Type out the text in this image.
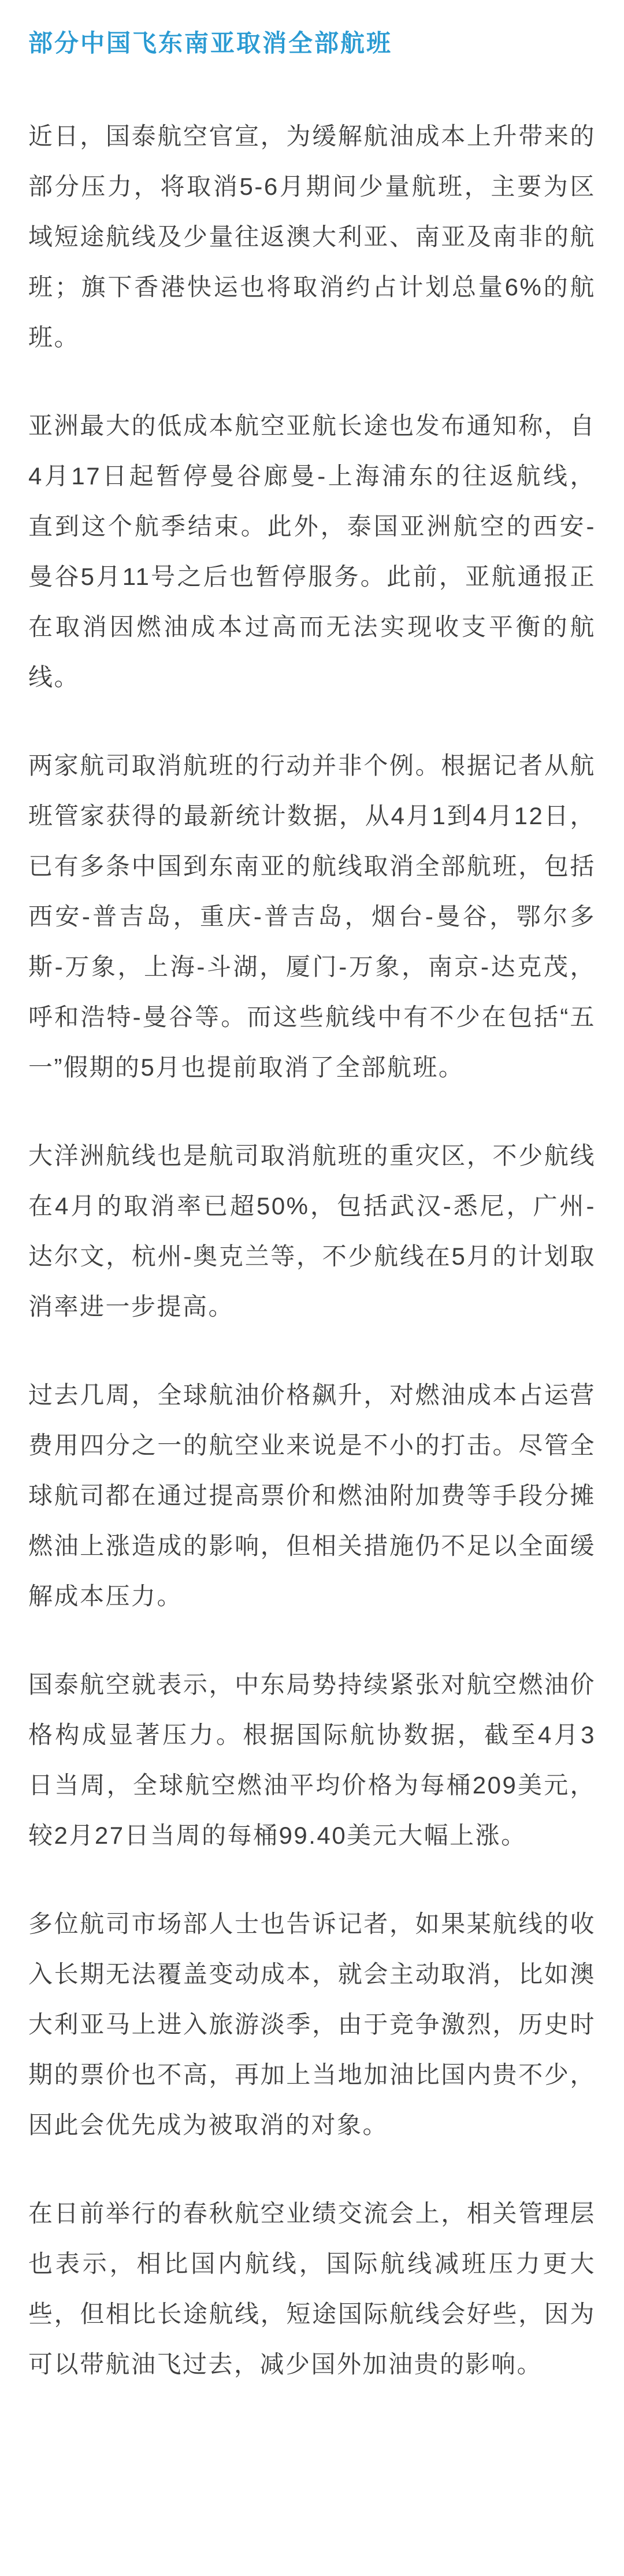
部分中国飞东南亚取消全部航班

近日，国泰航空官宣，为缓解航油成本上升带来的部分压力，将取消5-6月期间少量航班，主要为区域短途航线及少量往返澳大利亚、南亚及南非的航班；旗下香港快运也将取消约占计划总量6%的航班。

亚洲最大的低成本航空亚航长途也发布通知称，自4月17日起暂停曼谷廊曼-上海浦东的往返航线，直到这个航季结束。此外，泰国亚洲航空的西安-曼谷5月11号之后也暂停服务。此前，亚航通报正在取消因燃油成本过高而无法实现收支平衡的航线。

两家航司取消航班的行动并非个例。根据记者从航班管家获得的最新统计数据，从4月1到4月12日，已有多条中国到东南亚的航线取消全部航班，包括西安-普吉岛，重庆-普吉岛，烟台-曼谷，鄂尔多斯-万象，上海-斗湖，厦门-万象，南京-达克茂，呼和浩特-曼谷等。而这些航线中有不少在包括“五一”假期的5月也提前取消了全部航班。

大洋洲航线也是航司取消航班的重灾区，不少航线在4月的取消率已超50%，包括武汉-悉尼，广州-达尔文，杭州-奥克兰等，不少航线在5月的计划取消率进一步提高。

过去几周，全球航油价格飙升，对燃油成本占运营费用四分之一的航空业来说是不小的打击。尽管全球航司都在通过提高票价和燃油附加费等手段分摊燃油上涨造成的影响，但相关措施仍不足以全面缓解成本压力。

国泰航空就表示，中东局势持续紧张对航空燃油价格构成显著压力。根据国际航协数据，截至4月3日当周，全球航空燃油平均价格为每桶209美元，较2月27日当周的每桶99.40美元大幅上涨。

多位航司市场部人士也告诉记者，如果某航线的收入长期无法覆盖变动成本，就会主动取消，比如澳大利亚马上进入旅游淡季，由于竞争激烈，历史时期的票价也不高，再加上当地加油比国内贵不少，因此会优先成为被取消的对象。

在日前举行的春秋航空业绩交流会上，相关管理层也表示，相比国内航线，国际航线减班压力更大些，但相比长途航线，短途国际航线会好些，因为可以带航油飞过去，减少国外加油贵的影响。
